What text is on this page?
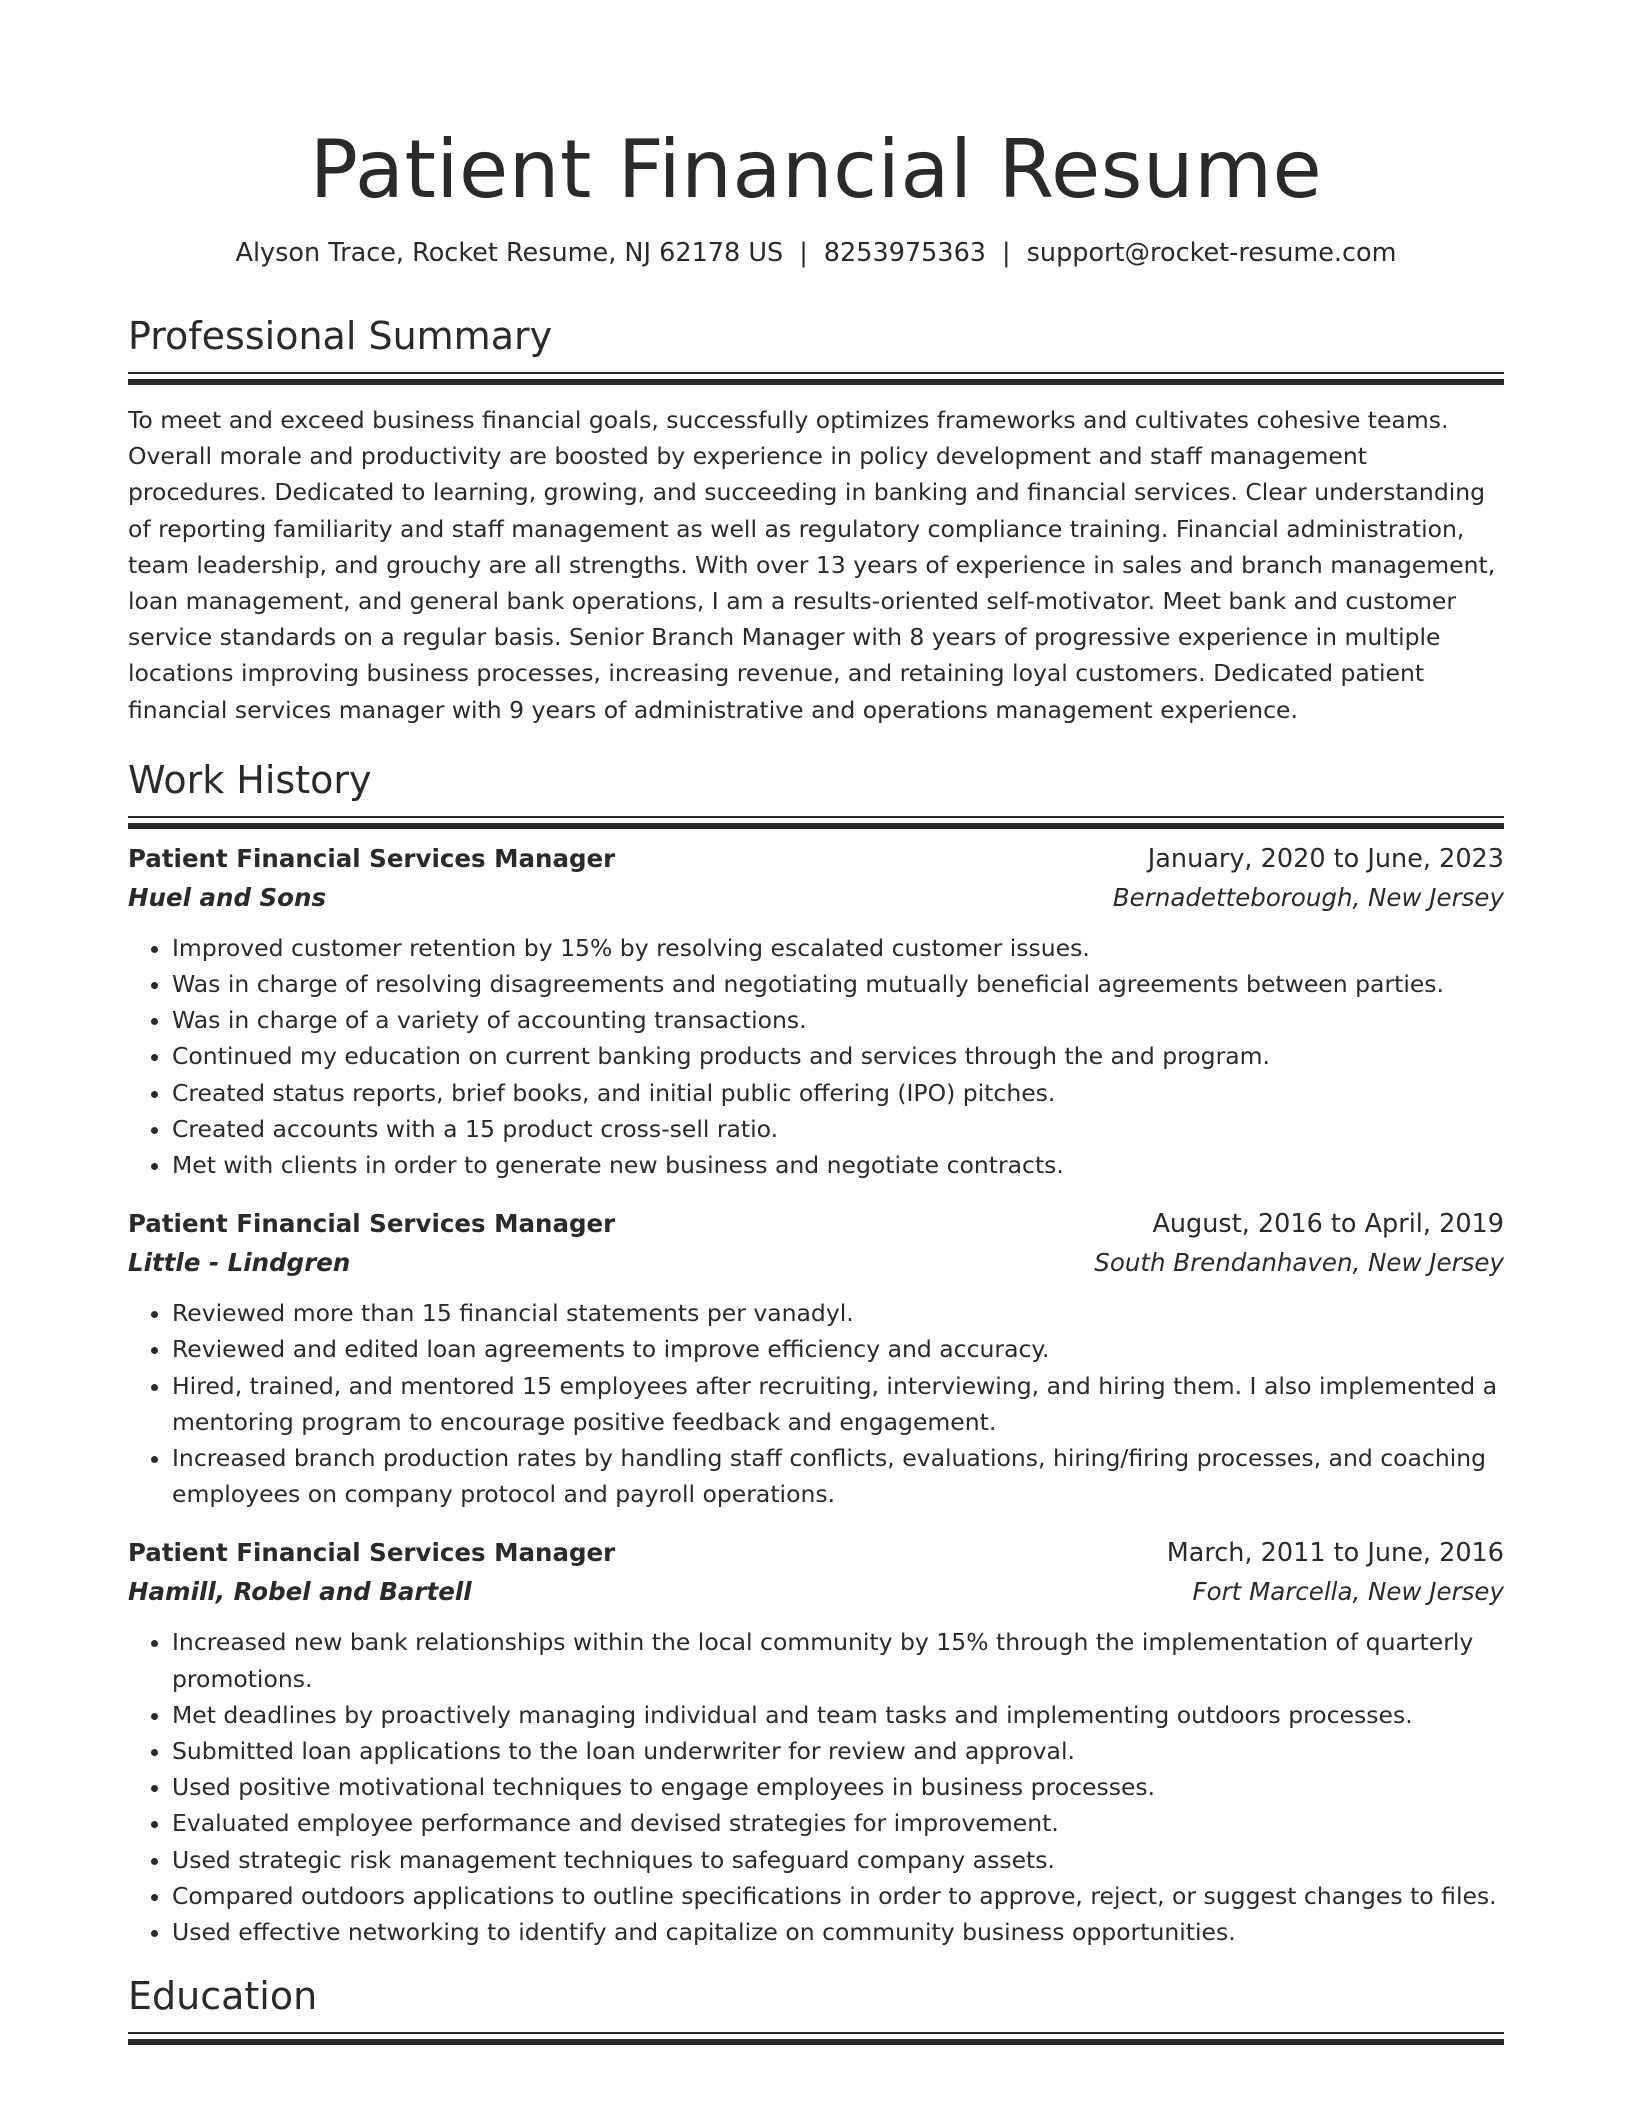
Patient Financial Resume
Alyson Trace, Rocket Resume, NJ 62178 US | 8253975363 | support@rocket-resume.com
Professional Summary

To meet and exceed business financial goals, successfully optimizes frameworks and cultivates cohesive teams. Overall morale and productivity are boosted by experience in policy development and staff management procedures. Dedicated to learning, growing, and succeeding in banking and financial services. Clear understanding of reporting familiarity and staff management as well as regulatory compliance training. Financial administration, team leadership, and grouchy are all strengths. With over 13 years of experience in sales and branch management, loan management, and general bank operations, I am a results-oriented self-motivator. Meet bank and customer service standards on a regular basis. Senior Branch Manager with 8 years of progressive experience in multiple locations improving business processes, increasing revenue, and retaining loyal customers. Dedicated patient financial services manager with 9 years of administrative and operations management experience.

Work History
Patient Financial Services Manager	January, 2020 to June, 2023
Huel and Sons	Bernadetteborough, New Jersey
• Improved customer retention by 15% by resolving escalated customer issues.
• Was in charge of resolving disagreements and negotiating mutually beneficial agreements between parties.
• Was in charge of a variety of accounting transactions.
• Continued my education on current banking products and services through the and program.
• Created status reports, brief books, and initial public offering (IPO) pitches.
• Created accounts with a 15 product cross-sell ratio.
• Met with clients in order to generate new business and negotiate contracts.
Patient Financial Services Manager	August, 2016 to April, 2019
Little - Lindgren	South Brendanhaven, New Jersey
• Reviewed more than 15 financial statements per vanadyl.
• Reviewed and edited loan agreements to improve efficiency and accuracy.
• Hired, trained, and mentored 15 employees after recruiting, interviewing, and hiring them. I also implemented a mentoring program to encourage positive feedback and engagement.
• Increased branch production rates by handling staff conflicts, evaluations, hiring/firing processes, and coaching employees on company protocol and payroll operations.
Patient Financial Services Manager	March, 2011 to June, 2016
Hamill, Robel and Bartell	Fort Marcella, New Jersey
• Increased new bank relationships within the local community by 15% through the implementation of quarterly promotions.
• Met deadlines by proactively managing individual and team tasks and implementing outdoors processes.
• Submitted loan applications to the loan underwriter for review and approval.
• Used positive motivational techniques to engage employees in business processes.
• Evaluated employee performance and devised strategies for improvement.
• Used strategic risk management techniques to safeguard company assets.
• Compared outdoors applications to outline specifications in order to approve, reject, or suggest changes to files.
• Used effective networking to identify and capitalize on community business opportunities.
Education
